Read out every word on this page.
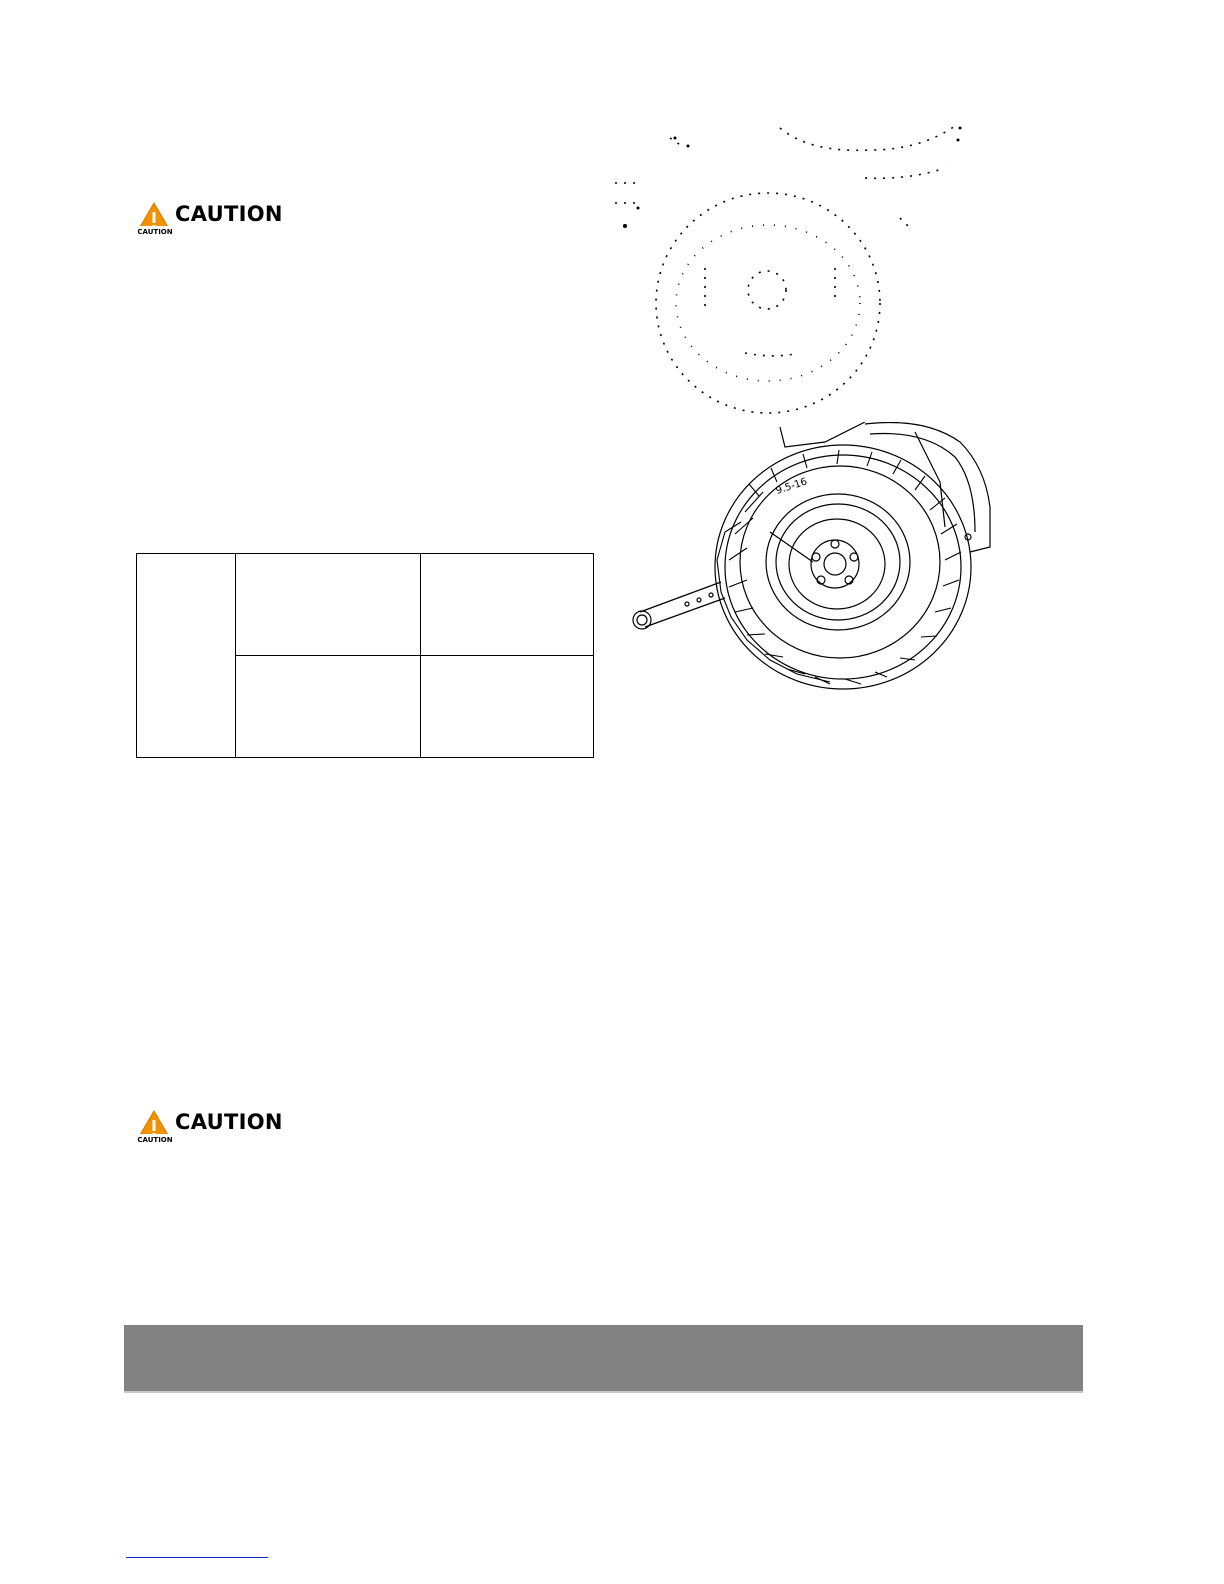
CAUTION
CAUTION
CAUTION
CAUTION

9.5-16
